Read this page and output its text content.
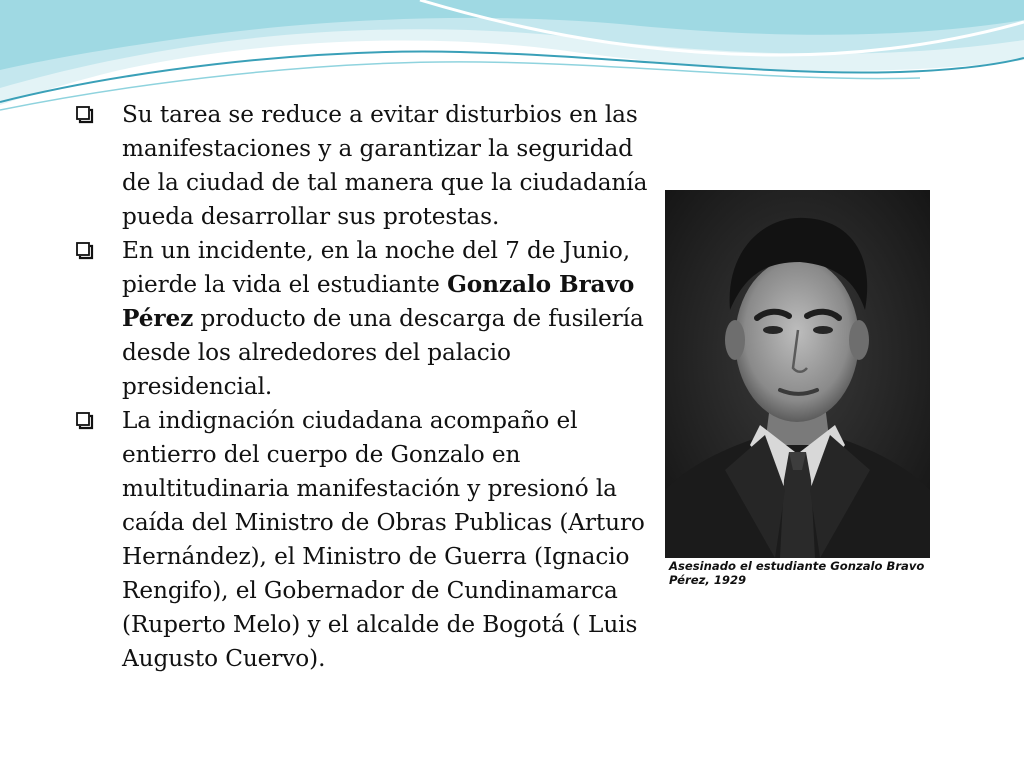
Su tarea se reduce a evitar disturbios en las manifestaciones y a garantizar la seguridad de la ciudad de tal manera que la ciudadanía pueda desarrollar sus protestas.
En un incidente, en la noche del 7 de Junio, pierde la vida el estudiante Gonzalo Bravo Pérez producto de una descarga de fusilería desde los alrededores del palacio presidencial.
La indignación ciudadana acompaño el entierro del cuerpo de Gonzalo en multitudinaria manifestación y presionó la caída del Ministro de Obras Publicas (Arturo Hernández), el Ministro de Guerra (Ignacio Rengifo), el Gobernador de Cundinamarca (Ruperto Melo) y el alcalde de Bogotá ( Luis Augusto Cuervo).
Asesinado el estudiante Gonzalo Bravo Pérez, 1929
